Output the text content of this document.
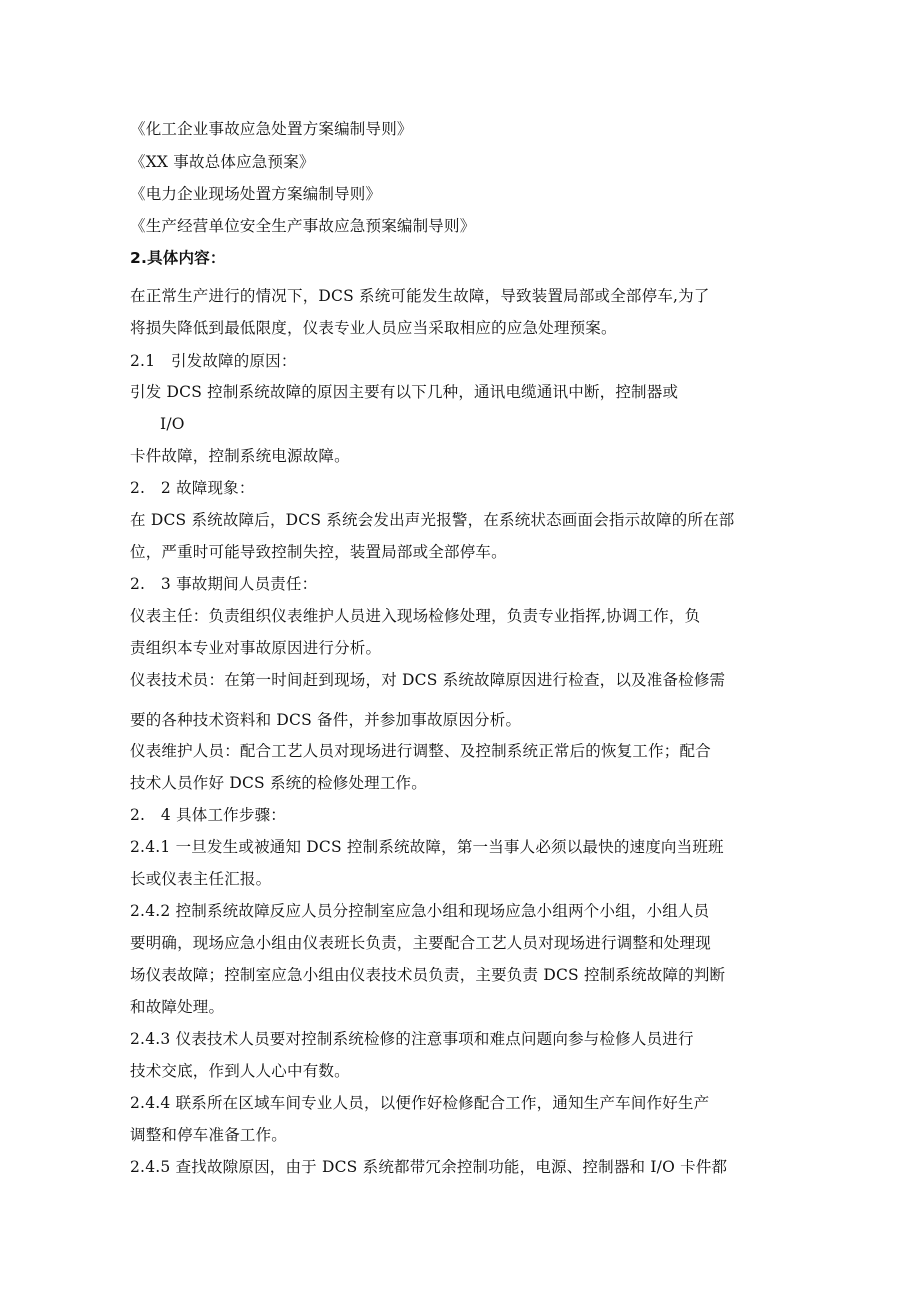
《化工企业事故应急处置方案编制导则》
《XX 事故总体应急预案》
《电力企业现场处置方案编制导则》
《生产经营单位安全生产事故应急预案编制导则》
2.具体内容：
在正常生产进行的情况下，DCS 系统可能发生故障，导致装置局部或全部停车,为了
将损失降低到最低限度，仪表专业人员应当采取相应的应急处理预案。
2.1　引发故障的原因：
引发 DCS 控制系统故障的原因主要有以下几种，通讯电缆通讯中断，控制器或
I/O
卡件故障，控制系统电源故障。
2.　2 故障现象：
在 DCS 系统故障后，DCS 系统会发出声光报警，在系统状态画面会指示故障的所在部
位，严重时可能导致控制失控，装置局部或全部停车。
2.　3 事故期间人员责任：
仪表主任：负责组织仪表维护人员进入现场检修处理，负责专业指挥,协调工作，负
责组织本专业对事故原因进行分析。
仪表技术员：在第一时间赶到现场，对 DCS 系统故障原因进行检查，以及准备检修需
要的各种技术资料和 DCS 备件，并参加事故原因分析。
仪表维护人员：配合工艺人员对现场进行调整、及控制系统正常后的恢复工作；配合
技术人员作好 DCS 系统的检修处理工作。
2.　4 具体工作步骤：
2.4.1 一旦发生或被通知 DCS 控制系统故障，第一当事人必须以最快的速度向当班班
长或仪表主任汇报。
2.4.2 控制系统故障反应人员分控制室应急小组和现场应急小组两个小组，小组人员
要明确，现场应急小组由仪表班长负责，主要配合工艺人员对现场进行调整和处理现
场仪表故障；控制室应急小组由仪表技术员负责，主要负责 DCS 控制系统故障的判断
和故障处理。
2.4.3 仪表技术人员要对控制系统检修的注意事项和难点问题向参与检修人员进行
技术交底，作到人人心中有数。
2.4.4 联系所在区域车间专业人员，以便作好检修配合工作，通知生产车间作好生产
调整和停车准备工作。
2.4.5 查找故隙原因，由于 DCS 系统都带冗余控制功能，电源、控制器和 I/O 卡件都
